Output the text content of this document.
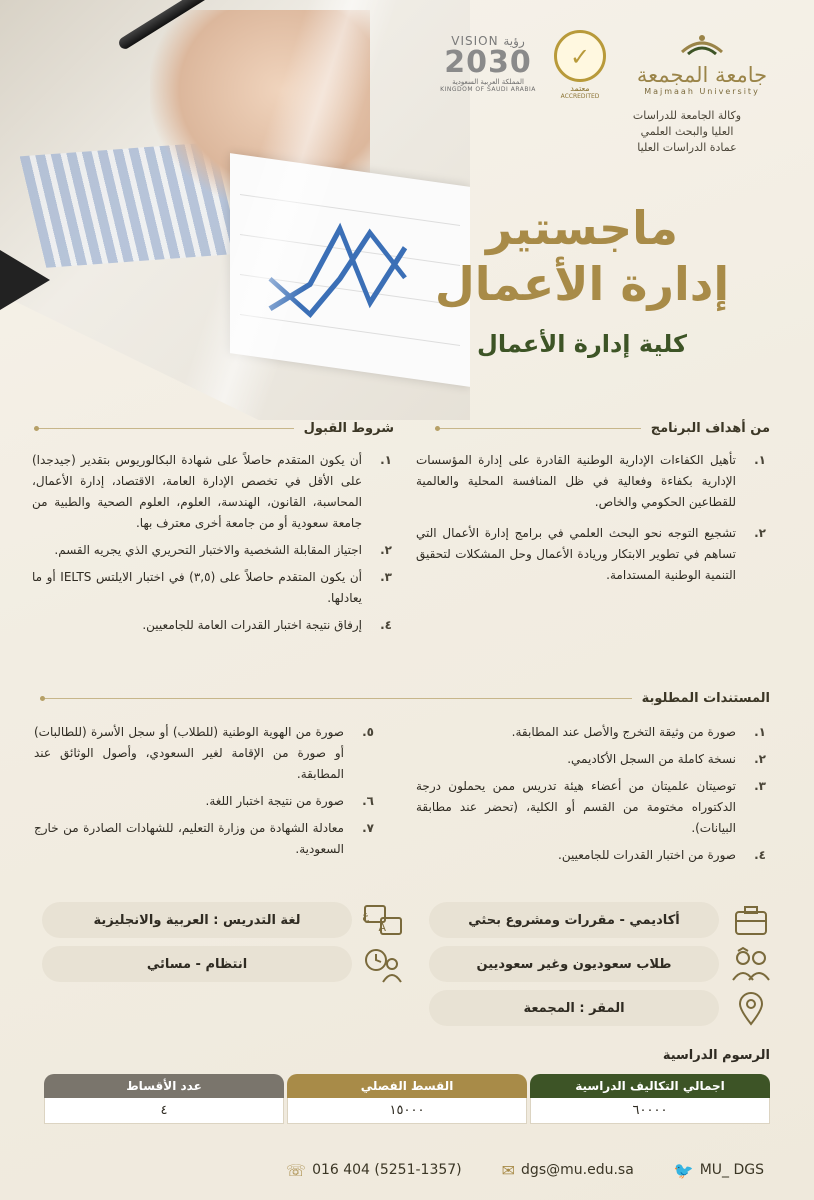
جامعة المجمعة
Majmaah University
وكالة الجامعة للدراسات
العليا والبحث العلمي
عمادة الدراسات العليا
✓
معتمد
ACCREDITED
VISION رؤية
2030
المملكة العربية السعودية
KINGDOM OF SAUDI ARABIA
ماجستير
إدارة الأعمال
كلية إدارة الأعمال
من أهداف البرنامج
١.
تأهيل الكفاءات الإدارية الوطنية القادرة على إدارة المؤسسات الإدارية بكفاءة وفعالية في ظل المنافسة المحلية والعالمية للقطاعين الحكومي والخاص.
٢.
تشجيع التوجه نحو البحث العلمي في برامج إدارة الأعمال التي تساهم في تطوير الابتكار وريادة الأعمال وحل المشكلات لتحقيق التنمية الوطنية المستدامة.
شروط القبول
١.
أن يكون المتقدم حاصلاً على شهادة البكالوريوس بتقدير (جيدجدا) على الأقل في تخصص الإدارة العامة، الاقتصاد، إدارة الأعمال، المحاسبة، القانون، الهندسة، العلوم، العلوم الصحية والطبية من جامعة سعودية أو من جامعة أخرى معترف بها.
٢.
اجتياز المقابلة الشخصية والاختبار التحريري الذي يجريه القسم.
٣.
أن يكون المتقدم حاصلاً على (٣,٥) في اختبار الايلتس IELTS أو ما يعادلها.
٤.
إرفاق نتيجة اختبار القدرات العامة للجامعيين.
المستندات المطلوبة
١.
صورة من وثيقة التخرج والأصل عند المطابقة.
٢.
نسخة كاملة من السجل الأكاديمي.
٣.
توصيتان علميتان من أعضاء هيئة تدريس ممن يحملون درجة الدكتوراه مختومة من القسم أو الكلية، (تحضر عند مطابقة البيانات).
٤.
صورة من اختبار القدرات للجامعيين.
٥.
صورة من الهوية الوطنية (للطلاب) أو سجل الأسرة (للطالبات) أو صورة من الإقامة لغير السعودي، وأصول الوثائق عند المطابقة.
٦.
صورة من نتيجة اختبار اللغة.
٧.
معادلة الشهادة من وزارة التعليم، للشهادات الصادرة من خارج السعودية.
أكاديمي - مقررات ومشروع بحثي
طلاب سعوديون وغير سعوديين
المقر : المجمعة
ع
A
لغة التدريس : العربية والانجليزية
انتظام - مسائي
الرسوم الدراسية
اجمالي التكاليف الدراسية
٦٠٠٠٠
القسط الفصلي
١٥٠٠٠
عدد الأقساط
٤
🐦 MU_ DGS
✉ dgs@mu.edu.sa
☏ 016 404 (5251-1357)
